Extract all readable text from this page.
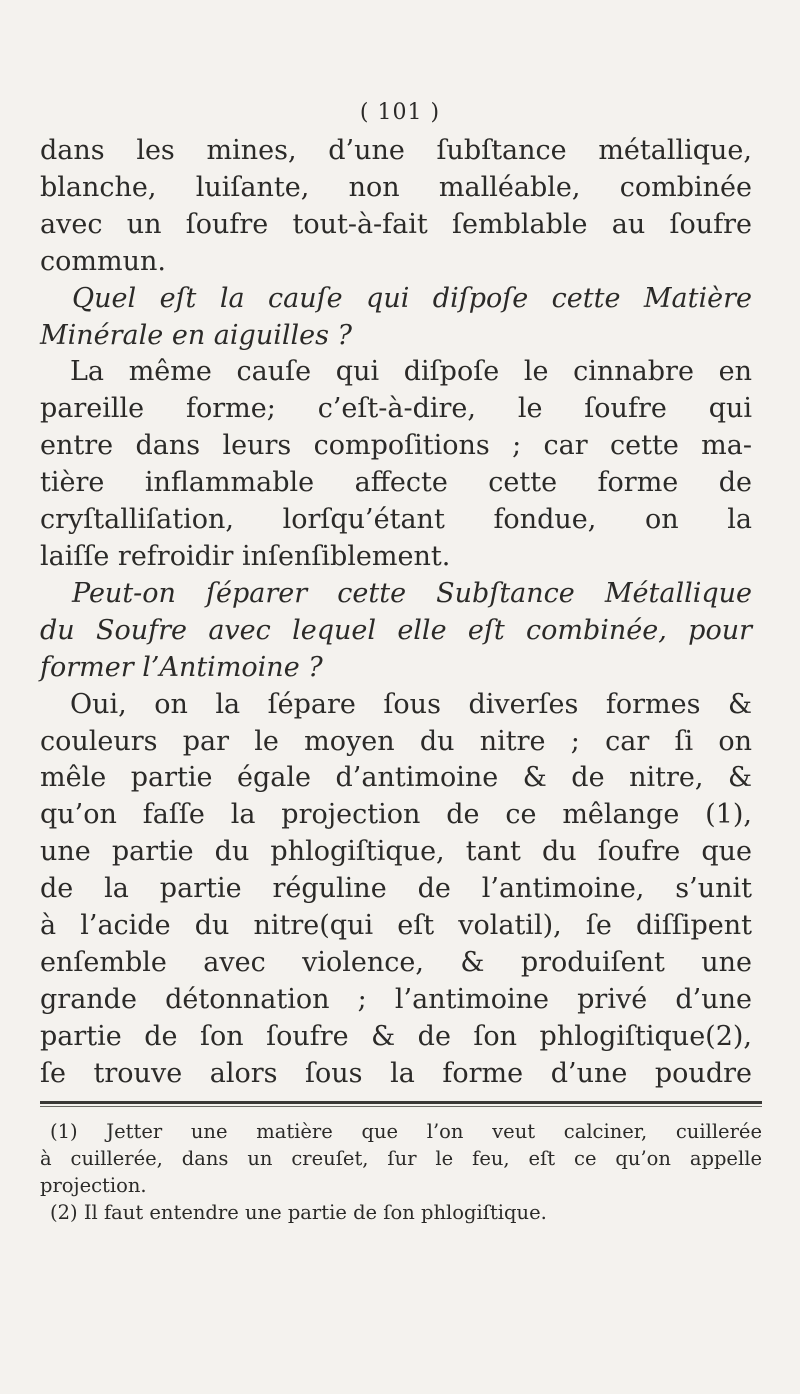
( 101 )
dans les mines, d’une ſubſtance métallique,
blanche, luiſante, non malléable, combinée
avec un ſoufre tout-à-fait ſemblable au ſoufre
commun.
Quel eſt la cauſe qui diſpoſe cette Matière
Minérale en aiguilles ?
La même cauſe qui diſpoſe le cinnabre en
pareille forme; c’eſt-à-dire, le ſoufre qui
entre dans leurs compoſitions ; car cette ma-
tière inflammable affecte cette forme de
cryſtalliſation, lorſqu’étant fondue, on la
laiſſe refroidir inſenſiblement.
Peut-on ſéparer cette Subſtance Métallique
du Soufre avec lequel elle eſt combinée, pour
former l’Antimoine ?
Oui, on la ſépare ſous diverſes formes &
couleurs par le moyen du nitre ; car ſi on
mêle partie égale d’antimoine & de nitre, &
qu’on faſſe la projection de ce mêlange (1),
une partie du phlogiſtique, tant du ſoufre que
de la partie réguline de l’antimoine, s’unit
à l’acide du nitre(qui eſt volatil), ſe diſſipent
enſemble avec violence, & produiſent une
grande détonnation ; l’antimoine privé d’une
partie de ſon ſoufre & de ſon phlogiſtique(2),
ſe trouve alors ſous la forme d’une poudre
(1) Jetter une matière que l’on veut calciner, cuillerée
à cuillerée, dans un creuſet, ſur le feu, eſt ce qu’on appelle
projection.
(2) Il faut entendre une partie de ſon phlogiſtique.
